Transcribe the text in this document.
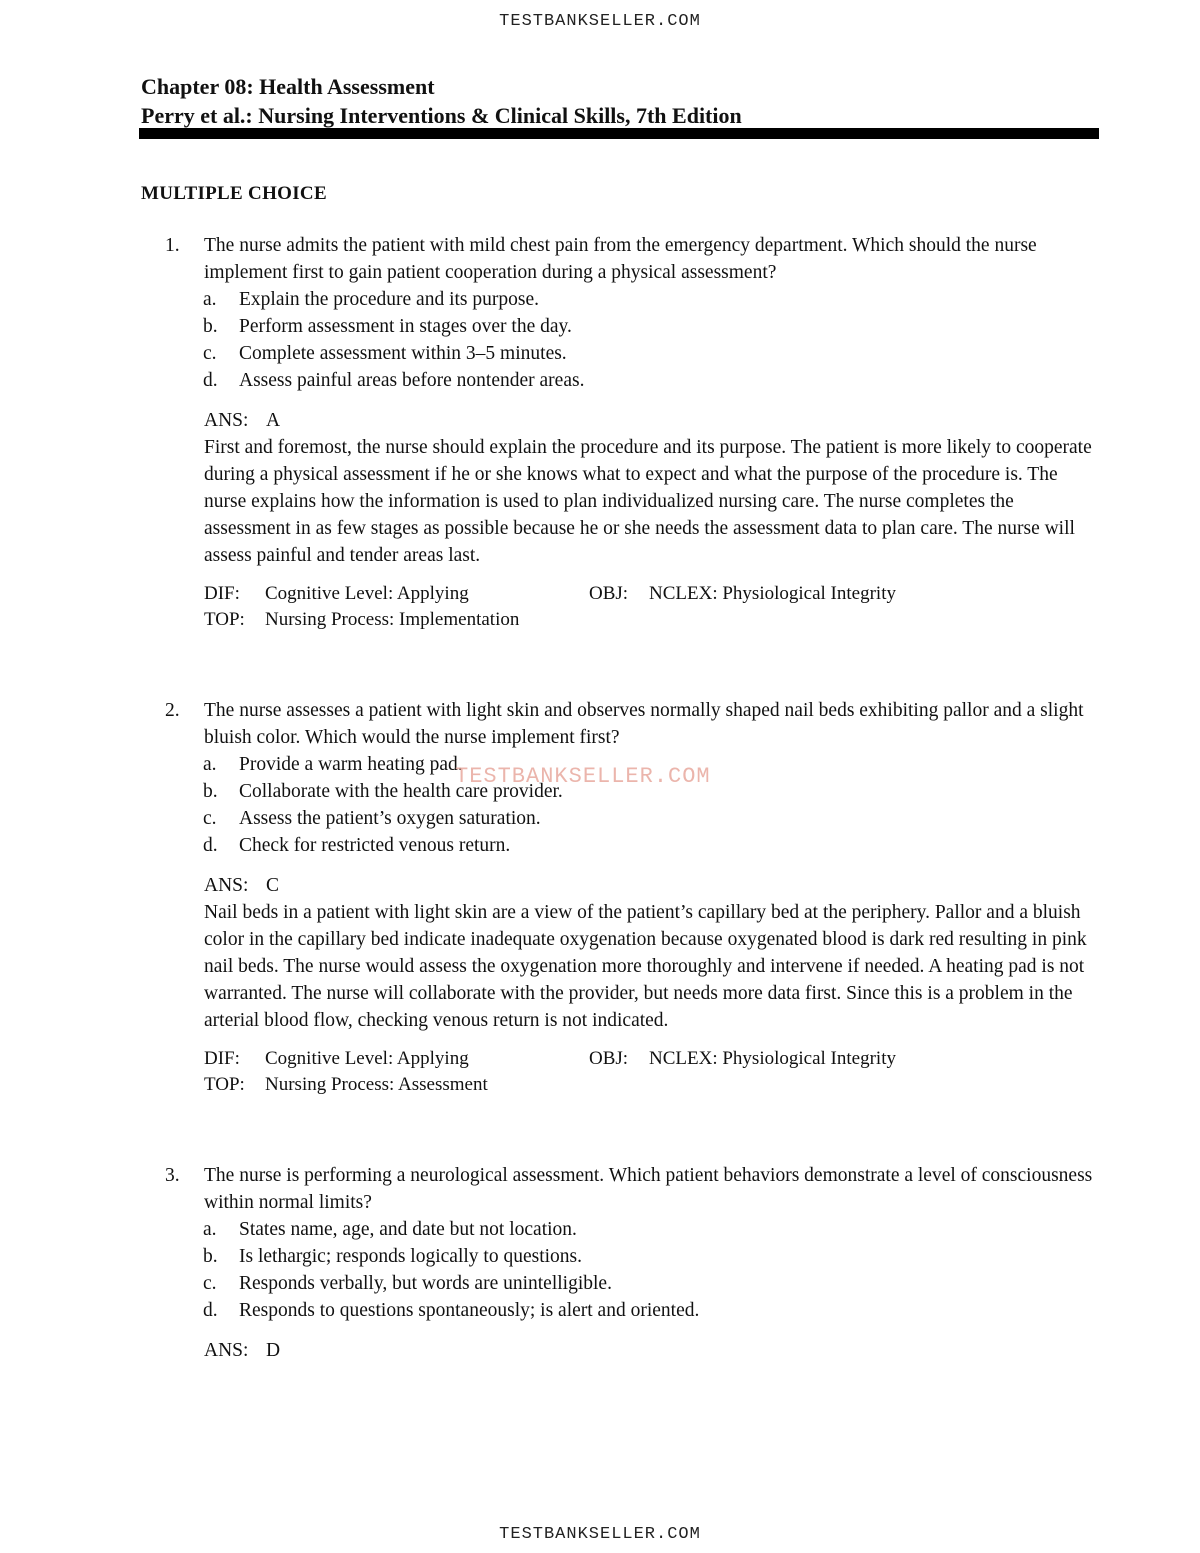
TESTBANKSELLER.COM
Chapter 08: Health Assessment
Perry et al.: Nursing Interventions & Clinical Skills, 7th Edition
MULTIPLE CHOICE
1. The nurse admits the patient with mild chest pain from the emergency department. Which should the nurse implement first to gain patient cooperation during a physical assessment?
a. Explain the procedure and its purpose.
b. Perform assessment in stages over the day.
c. Complete assessment within 3–5 minutes.
d. Assess painful areas before nontender areas.
ANS: A
First and foremost, the nurse should explain the procedure and its purpose. The patient is more likely to cooperate during a physical assessment if he or she knows what to expect and what the purpose of the procedure is. The nurse explains how the information is used to plan individualized nursing care. The nurse completes the assessment in as few stages as possible because he or she needs the assessment data to plan care. The nurse will assess painful and tender areas last.
DIF: Cognitive Level: Applying	OBJ: NCLEX: Physiological Integrity
TOP: Nursing Process: Implementation
2. The nurse assesses a patient with light skin and observes normally shaped nail beds exhibiting pallor and a slight bluish color. Which would the nurse implement first?
a. Provide a warm heating pad.
b. Collaborate with the health care provider.
c. Assess the patient’s oxygen saturation.
d. Check for restricted venous return.
ANS: C
Nail beds in a patient with light skin are a view of the patient’s capillary bed at the periphery. Pallor and a bluish color in the capillary bed indicate inadequate oxygenation because oxygenated blood is dark red resulting in pink nail beds. The nurse would assess the oxygenation more thoroughly and intervene if needed. A heating pad is not warranted. The nurse will collaborate with the provider, but needs more data first. Since this is a problem in the arterial blood flow, checking venous return is not indicated.
DIF: Cognitive Level: Applying	OBJ: NCLEX: Physiological Integrity
TOP: Nursing Process: Assessment
3. The nurse is performing a neurological assessment. Which patient behaviors demonstrate a level of consciousness within normal limits?
a. States name, age, and date but not location.
b. Is lethargic; responds logically to questions.
c. Responds verbally, but words are unintelligible.
d. Responds to questions spontaneously; is alert and oriented.
ANS: D
TESTBANKSELLER.COM
TESTBANKSELLER.COM
